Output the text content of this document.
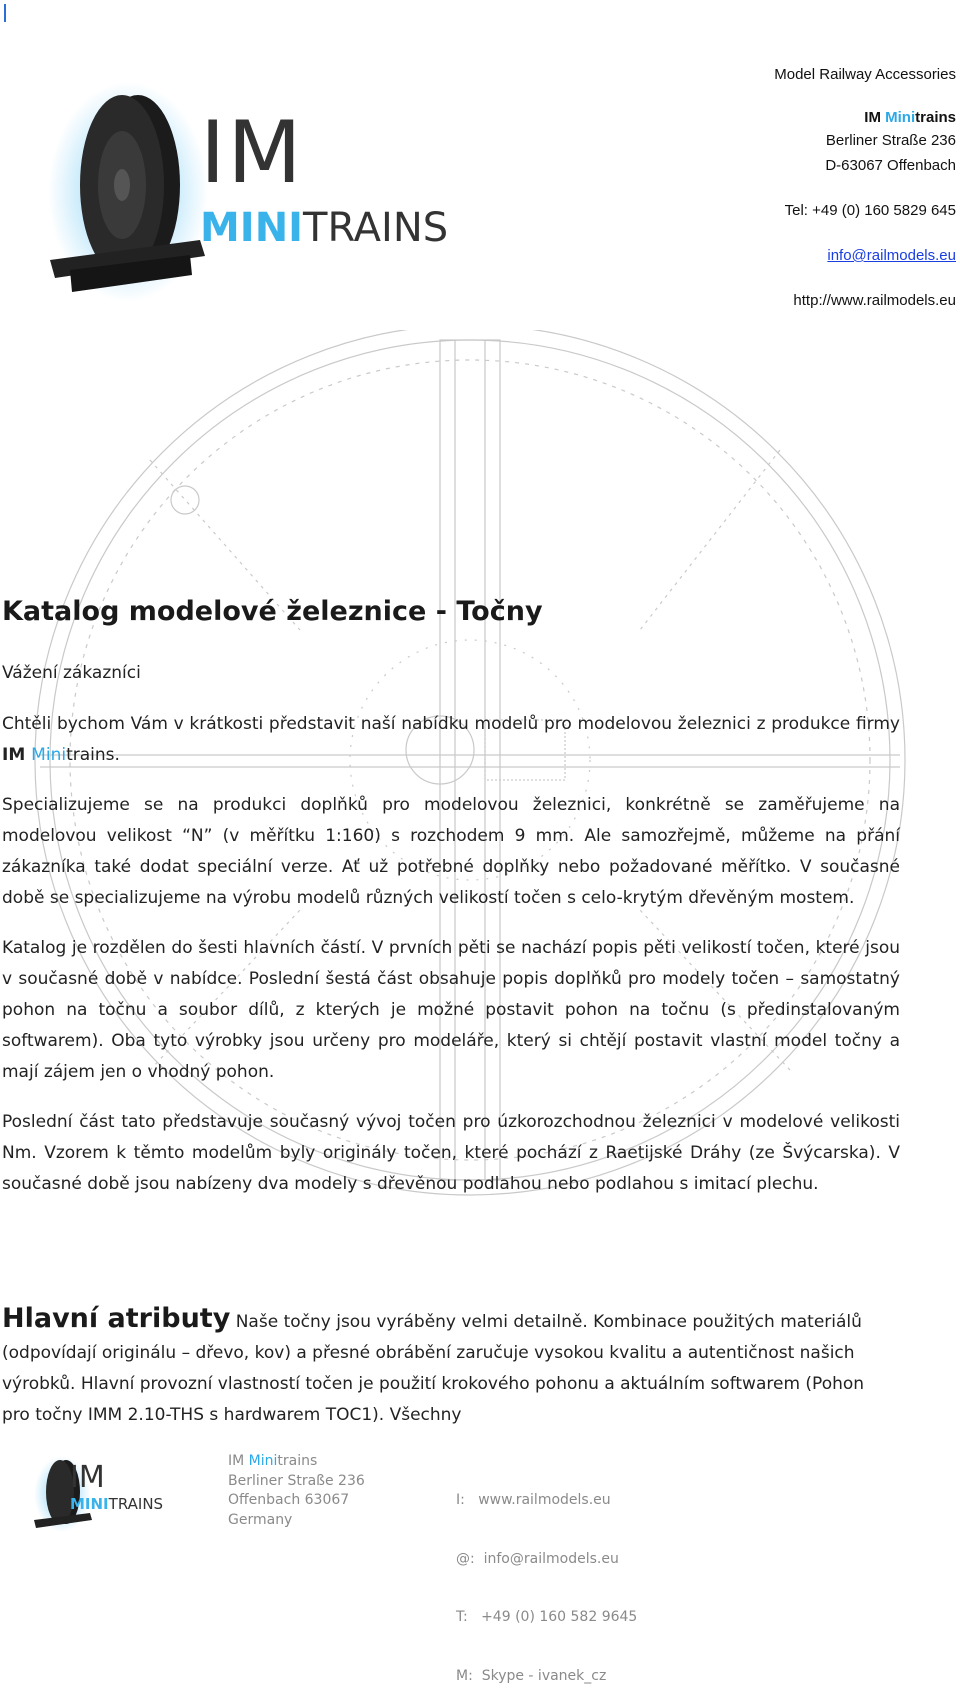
IM
MINITRAINS
Model Railway Accessories
IM Minitrains
Berliner Straße 236
D-63067 Offenbach
Tel: +49 (0) 160 5829 645
info@railmodels.eu
http://www.railmodels.eu
Katalog modelové železnice - Točny
Vážení zákazníci
Chtěli bychom Vám v krátkosti představit naší nabídku modelů pro modelovou železnici z produkce firmy IM Minitrains.
Specializujeme se na produkci doplňků pro modelovou železnici, konkrétně se zaměřujeme na modelovou velikost “N” (v měřítku 1:160) s rozchodem 9 mm. Ale samozřejmě, můžeme na přání zákazníka také dodat speciální verze. Ať už potřebné doplňky nebo požadované měřítko. V současné době se specializujeme na výrobu modelů různých velikostí točen s celo-krytým dřevěným mostem.
Katalog je rozdělen do šesti hlavních částí. V prvních pěti se nachází popis pěti velikostí točen, které jsou v současné době v nabídce. Poslední šestá část obsahuje popis doplňků pro modely točen – samostatný pohon na točnu a soubor dílů, z kterých je možné postavit pohon na točnu (s předinstalovaným softwarem). Oba tyto výrobky jsou určeny pro modeláře, který si chtějí postavit vlastní model točny a mají zájem jen o vhodný pohon.
Poslední část tato představuje současný vývoj točen pro úzkorozchodnou železnici v modelové velikosti Nm. Vzorem k těmto modelům byly originály točen, které pochází z Raetijské Dráhy (ze Švýcarska). V současné době jsou nabízeny dva modely s dřevěnou podlahou nebo podlahou s imitací plechu.
Hlavní atributy Naše točny jsou vyráběny velmi detailně. Kombinace použitých materiálů (odpovídají originálu – dřevo, kov) a přesné obrábění zaručuje vysokou kvalitu a autentičnost našich výrobků. Hlavní provozní vlastností točen je použití krokového pohonu a aktuálním softwarem (Pohon pro točny IMM 2.10-THS s hardwarem TOC1). Všechny
IM
MINITRAINS
IM Minitrains
Berliner Straße 236
Offenbach 63067
Germany

I:   www.railmodels.eu

@:  info@railmodels.eu

T:   +49 (0) 160 582 9645

M:  Skype - ivanek_cz
